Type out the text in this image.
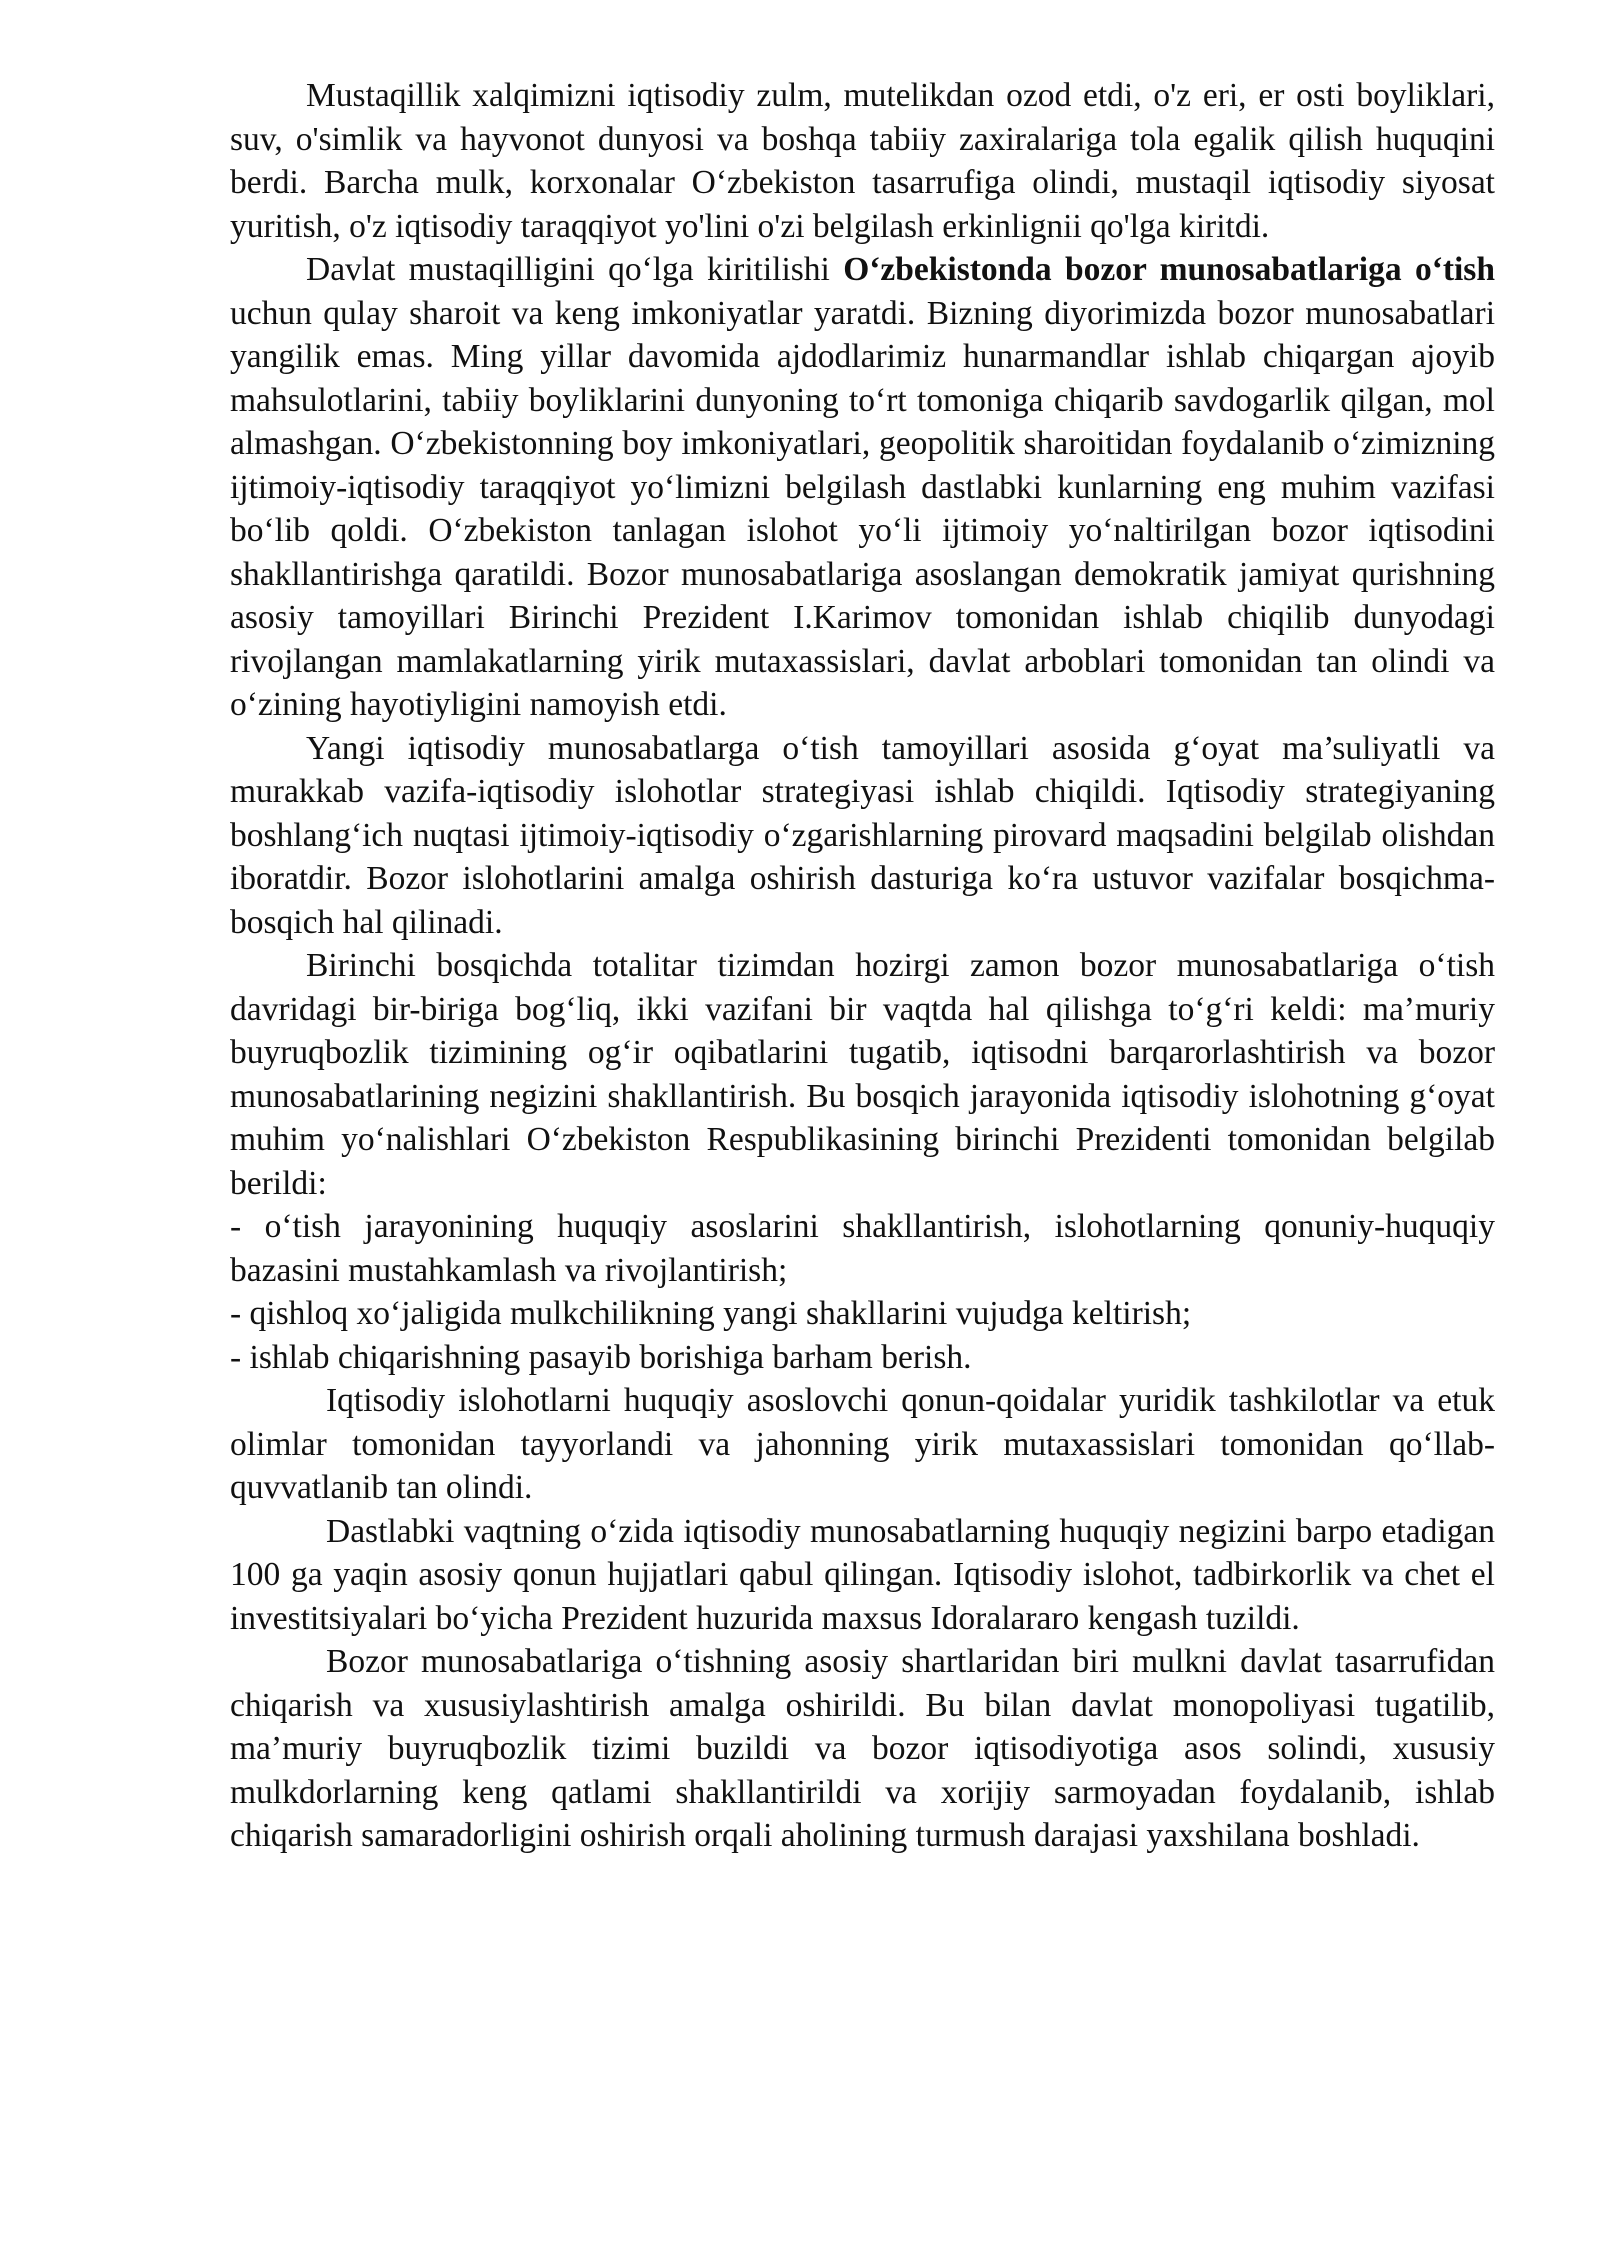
Mustaqillik xalqimizni iqtisodiy zulm, mutelikdan ozod etdi, o'z eri, er osti boyliklari, suv, o'simlik va hayvonot dunyosi va boshqa tabiiy zaxiralariga tola egalik qilish huquqini berdi. Barcha mulk, korxonalar O‘zbekiston tasarrufiga olindi, mustaqil iqtisodiy siyosat yuritish, o'z iqtisodiy taraqqiyot yo'lini o'zi belgilash erkinlignii qo'lga kiritdi.

Davlat mustaqilligini qo‘lga kiritilishi O‘zbekistonda bozor munosabatlariga o‘tish uchun qulay sharoit va keng imkoniyatlar yaratdi. Bizning diyorimizda bozor munosabatlari yangilik emas. Ming yillar davomida ajdodlarimiz hunarmandlar ishlab chiqargan ajoyib mahsulotlarini, tabiiy boyliklarini dunyoning to‘rt tomoniga chiqarib savdogarlik qilgan, mol almashgan. O‘zbekistonning boy imkoniyatlari, geopolitik sharoitidan foydalanib o‘zimizning ijtimoiy-iqtisodiy taraqqiyot yo‘limizni belgilash dastlabki kunlarning eng muhim vazifasi bo‘lib qoldi. O‘zbekiston tanlagan islohot yo‘li ijtimoiy yo‘naltirilgan bozor iqtisodini shakllantirishga qaratildi. Bozor munosabatlariga asoslangan demokratik jamiyat qurishning asosiy tamoyillari Birinchi Prezident I.Karimov tomonidan ishlab chiqilib dunyodagi rivojlangan mamlakatlarning yirik mutaxassislari, davlat arboblari tomonidan tan olindi va o‘zining hayotiyligini namoyish etdi.

Yangi iqtisodiy munosabatlarga o‘tish tamoyillari asosida g‘oyat ma’suliyatli va murakkab vazifa-iqtisodiy islohotlar strategiyasi ishlab chiqildi. Iqtisodiy strategiyaning boshlang‘ich nuqtasi ijtimoiy-iqtisodiy o‘zgarishlarning pirovard maqsadini belgilab olishdan iboratdir. Bozor islohotlarini amalga oshirish dasturiga ko‘ra ustuvor vazifalar bosqichma-bosqich hal qilinadi.

Birinchi bosqichda totalitar tizimdan hozirgi zamon bozor munosabatlariga o‘tish davridagi bir-biriga bog‘liq, ikki vazifani bir vaqtda hal qilishga to‘g‘ri keldi: ma’muriy buyruqbozlik tizimining og‘ir oqibatlarini tugatib, iqtisodni barqarorlashtirish va bozor munosabatlarining negizini shakllantirish. Bu bosqich jarayonida iqtisodiy islohotning g‘oyat muhim yo‘nalishlari O‘zbekiston Respublikasining birinchi Prezidenti tomonidan belgilab berildi:

- o‘tish jarayonining huquqiy asoslarini shakllantirish, islohotlarning qonuniy-huquqiy bazasini mustahkamlash va rivojlantirish;

- qishloq xo‘jaligida mulkchilikning yangi shakllarini vujudga keltirish;

- ishlab chiqarishning pasayib borishiga barham berish.

Iqtisodiy islohotlarni huquqiy asoslovchi qonun-qoidalar yuridik tashkilotlar va etuk olimlar tomonidan tayyorlandi va jahonning yirik mutaxassislari tomonidan qo‘llab-quvvatlanib tan olindi.

Dastlabki vaqtning o‘zida iqtisodiy munosabatlarning huquqiy negizini barpo etadigan 100 ga yaqin asosiy qonun hujjatlari qabul qilingan. Iqtisodiy islohot, tadbirkorlik va chet el investitsiyalari bo‘yicha Prezident huzurida maxsus Idoralararo kengash tuzildi.

Bozor munosabatlariga o‘tishning asosiy shartlaridan biri mulkni davlat tasarrufidan chiqarish va xususiylashtirish amalga oshirildi. Bu bilan davlat monopoliyasi tugatilib, ma’muriy buyruqbozlik tizimi buzildi va bozor iqtisodiyotiga asos solindi, xususiy mulkdorlarning keng qatlami shakllantirildi va xorijiy sarmoyadan foydalanib, ishlab chiqarish samaradorligini oshirish orqali aholining turmush darajasi yaxshilana boshladi.
